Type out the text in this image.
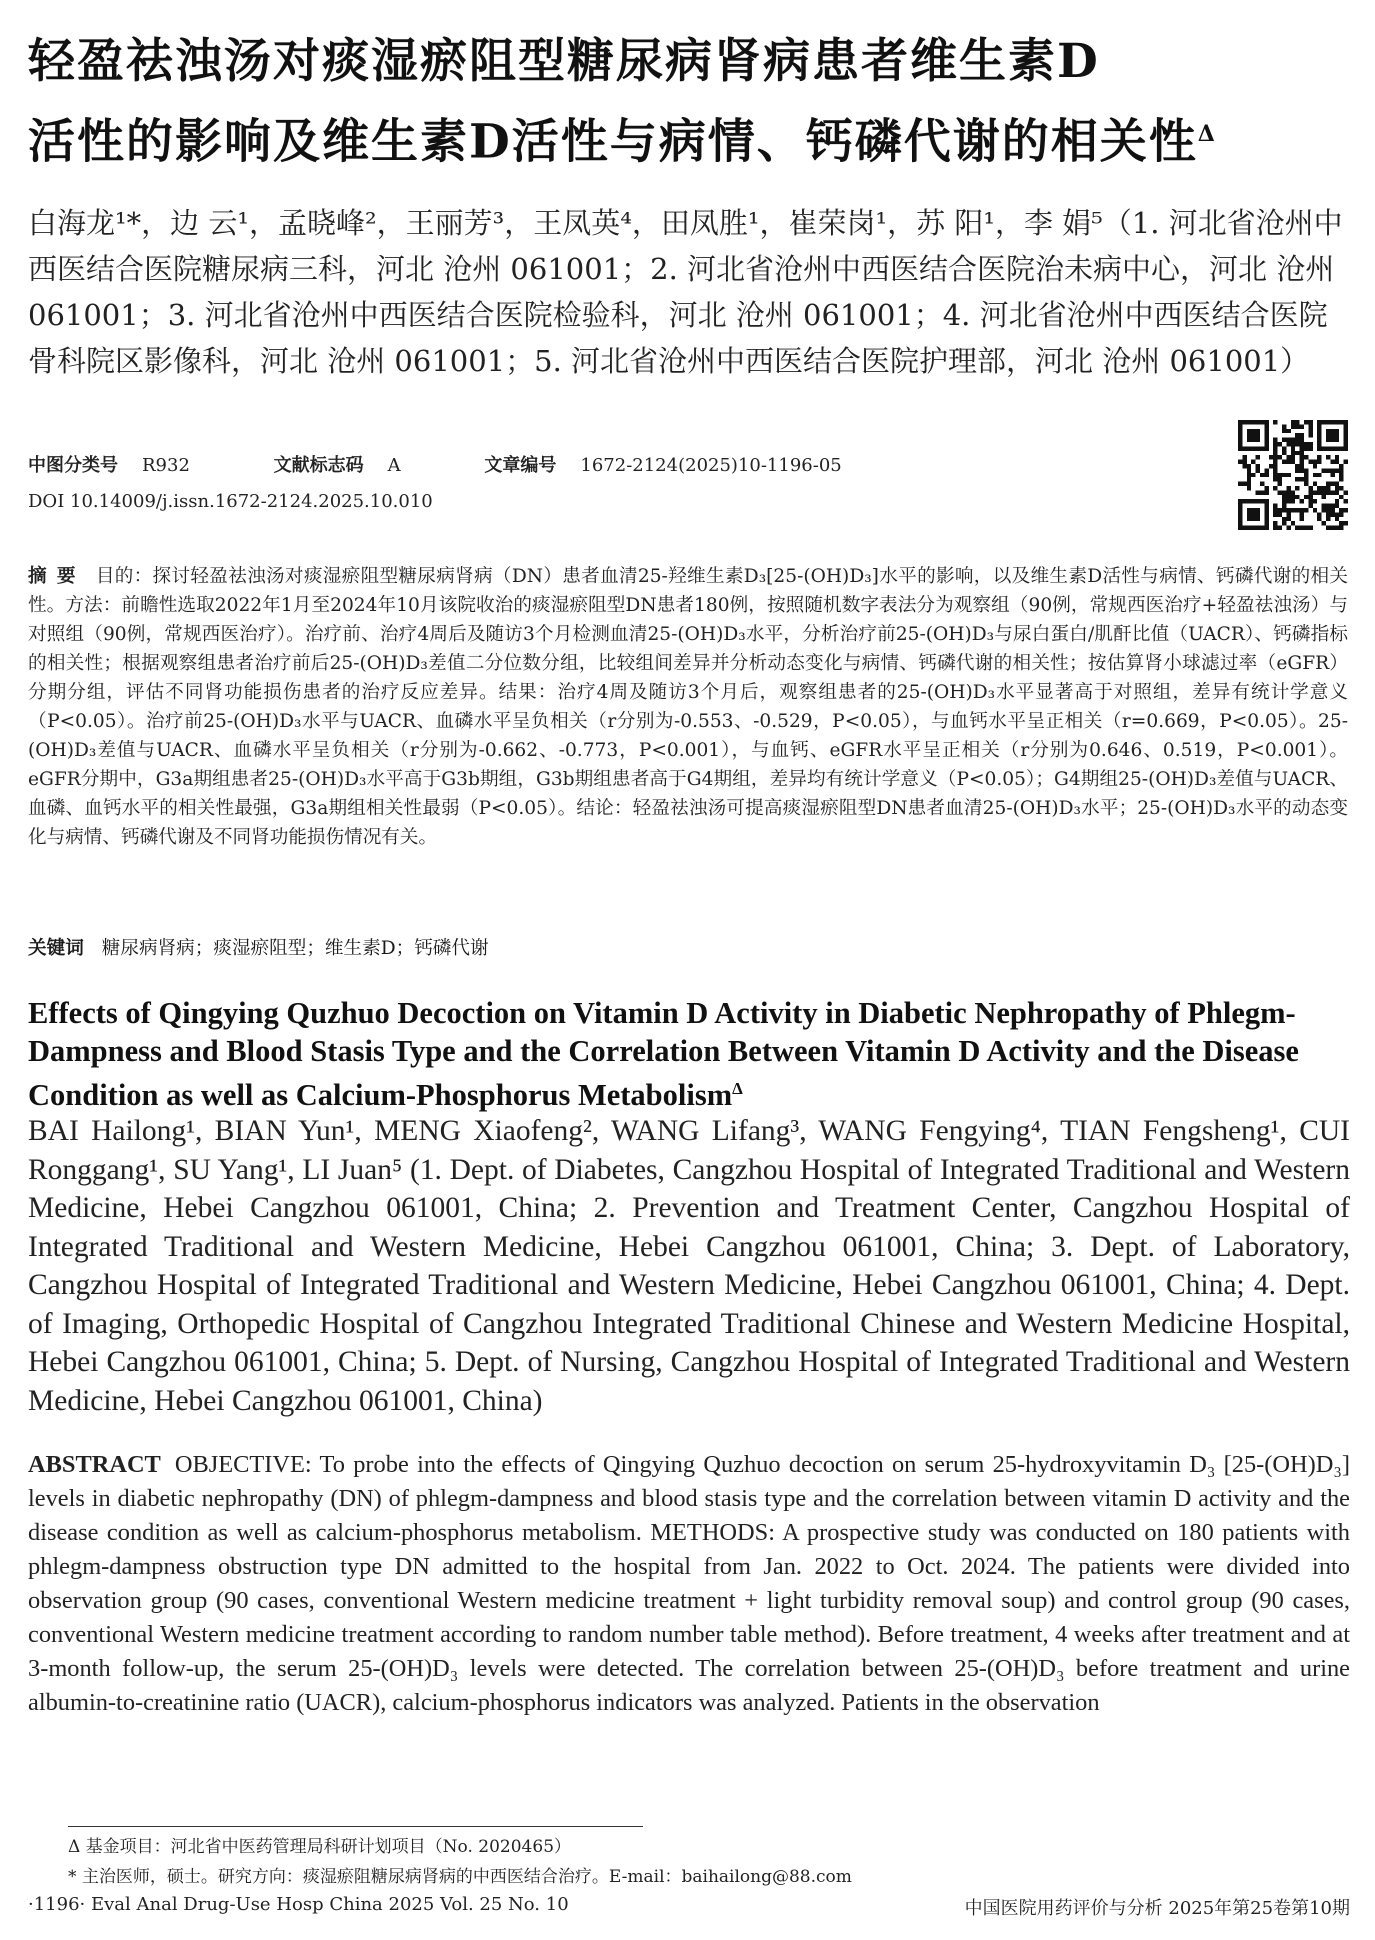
轻盈祛浊汤对痰湿瘀阻型糖尿病肾病患者维生素D
活性的影响及维生素D活性与病情、钙磷代谢的相关性$^\Delta$
白海龙¹*，边 云¹，孟晓峰²，王丽芳³，王凤英⁴，田凤胜¹，崔荣岗¹，苏 阳¹，李 娟⁵（1. 河北省沧州中西医结合医院糖尿病三科，河北 沧州 061001；2. 河北省沧州中西医结合医院治未病中心，河北 沧州 061001；3. 河北省沧州中西医结合医院检验科，河北 沧州 061001；4. 河北省沧州中西医结合医院骨科院区影像科，河北 沧州 061001；5. 河北省沧州中西医结合医院护理部，河北 沧州 061001）
中图分类号 R932	文献标志码 A	文章编号 1672-2124(2025)10-1196-05
DOI 10.14009/j.issn.1672-2124.2025.10.010
摘要 目的：探讨轻盈祛浊汤对痰湿瘀阻型糖尿病肾病（DN）患者血清25-羟维生素D₃[25-(OH)D₃]水平的影响，以及维生素D活性与病情、钙磷代谢的相关性。方法：前瞻性选取2022年1月至2024年10月该院收治的痰湿瘀阻型DN患者180例，按照随机数字表法分为观察组（90例，常规西医治疗+轻盈祛浊汤）与对照组（90例，常规西医治疗）。治疗前、治疗4周后及随访3个月检测血清25-(OH)D₃水平，分析治疗前25-(OH)D₃与尿白蛋白/肌酐比值（UACR）、钙磷指标的相关性；根据观察组患者治疗前后25-(OH)D₃差值二分位数分组，比较组间差异并分析动态变化与病情、钙磷代谢的相关性；按估算肾小球滤过率（eGFR）分期分组，评估不同肾功能损伤患者的治疗反应差异。结果：治疗4周及随访3个月后，观察组患者的25-(OH)D₃水平显著高于对照组，差异有统计学意义（P<0.05）。治疗前25-(OH)D₃水平与UACR、血磷水平呈负相关（r分别为-0.553、-0.529，P<0.05），与血钙水平呈正相关（r=0.669，P<0.05）。25-(OH)D₃差值与UACR、血磷水平呈负相关（r分别为-0.662、-0.773，P<0.001），与血钙、eGFR水平呈正相关（r分别为0.646、0.519，P<0.001）。eGFR分期中，G3a期组患者25-(OH)D₃水平高于G3b期组，G3b期组患者高于G4期组，差异均有统计学意义（P<0.05）；G4期组25-(OH)D₃差值与UACR、血磷、血钙水平的相关性最强，G3a期组相关性最弱（P<0.05）。结论：轻盈祛浊汤可提高痰湿瘀阻型DN患者血清25-(OH)D₃水平；25-(OH)D₃水平的动态变化与病情、钙磷代谢及不同肾功能损伤情况有关。
关键词 糖尿病肾病；痰湿瘀阻型；维生素D；钙磷代谢
Effects of Qingying Quzhuo Decoction on Vitamin D Activity in Diabetic Nephropathy of Phlegm-Dampness and Blood Stasis Type and the Correlation Between Vitamin D Activity and the Disease Condition as well as Calcium-Phosphorus Metabolism$^\Delta$
BAI Hailong¹, BIAN Yun¹, MENG Xiaofeng², WANG Lifang³, WANG Fengying⁴, TIAN Fengsheng¹, CUI Ronggang¹, SU Yang¹, LI Juan⁵ (1. Dept. of Diabetes, Cangzhou Hospital of Integrated Traditional and Western Medicine, Hebei Cangzhou 061001, China; 2. Prevention and Treatment Center, Cangzhou Hospital of Integrated Traditional and Western Medicine, Hebei Cangzhou 061001, China; 3. Dept. of Laboratory, Cangzhou Hospital of Integrated Traditional and Western Medicine, Hebei Cangzhou 061001, China; 4. Dept. of Imaging, Orthopedic Hospital of Cangzhou Integrated Traditional Chinese and Western Medicine Hospital, Hebei Cangzhou 061001, China; 5. Dept. of Nursing, Cangzhou Hospital of Integrated Traditional and Western Medicine, Hebei Cangzhou 061001, China)
ABSTRACT OBJECTIVE: To probe into the effects of Qingying Quzhuo decoction on serum 25-hydroxyvitamin D₃ [25-(OH)D₃] levels in diabetic nephropathy (DN) of phlegm-dampness and blood stasis type and the correlation between vitamin D activity and the disease condition as well as calcium-phosphorus metabolism. METHODS: A prospective study was conducted on 180 patients with phlegm-dampness obstruction type DN admitted to the hospital from Jan. 2022 to Oct. 2024. The patients were divided into observation group (90 cases, conventional Western medicine treatment + light turbidity removal soup) and control group (90 cases, conventional Western medicine treatment according to random number table method). Before treatment, 4 weeks after treatment and at 3-month follow-up, the serum 25-(OH)D₃ levels were detected. The correlation between 25-(OH)D₃ before treatment and urine albumin-to-creatinine ratio (UACR), calcium-phosphorus indicators was analyzed. Patients in the observation
Δ 基金项目：河北省中医药管理局科研计划项目（No. 2020465）
* 主治医师，硕士。研究方向：痰湿瘀阻糖尿病肾病的中西医结合治疗。E-mail：baihailong@88.com
·1196· Eval Anal Drug-Use Hosp China 2025 Vol. 25 No. 10	中国医院用药评价与分析 2025年第25卷第10期
